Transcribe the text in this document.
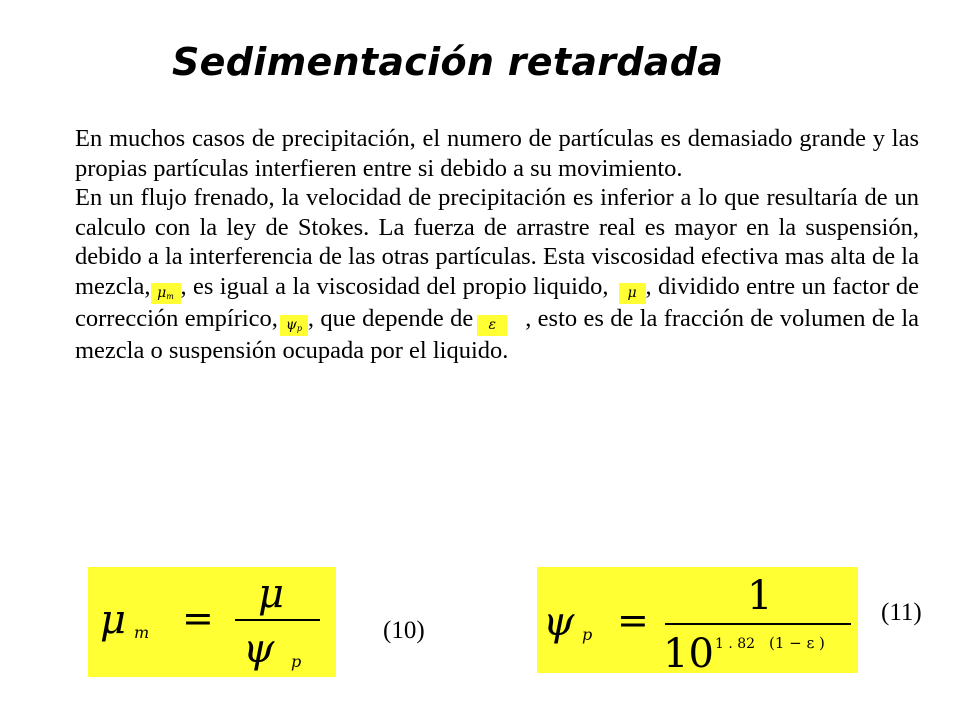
Sedimentación retardada

En muchos casos de precipitación, el numero de partículas es demasiado grande y las propias partículas interfieren entre si debido a su movimiento.

En un flujo frenado, la velocidad de precipitación es inferior a lo que resultaría de un calculo con la ley de Stokes. La fuerza de arrastre real es mayor en la suspensión, debido a la interferencia de las otras partículas. Esta viscosidad efectiva mas alta de la mezcla, $\mu_m$ , es igual a la viscosidad del propio liquido, μ , dividido entre un factor de corrección empírico, $\psi_p$ , que depende de ε , esto es de la fracción de volumen de la mezcla o suspensión ocupada por el liquido.

μ m =
μ
ψ p
(10)	ψ p =
1
10 1 . 82 (1 − ε )
(11)
